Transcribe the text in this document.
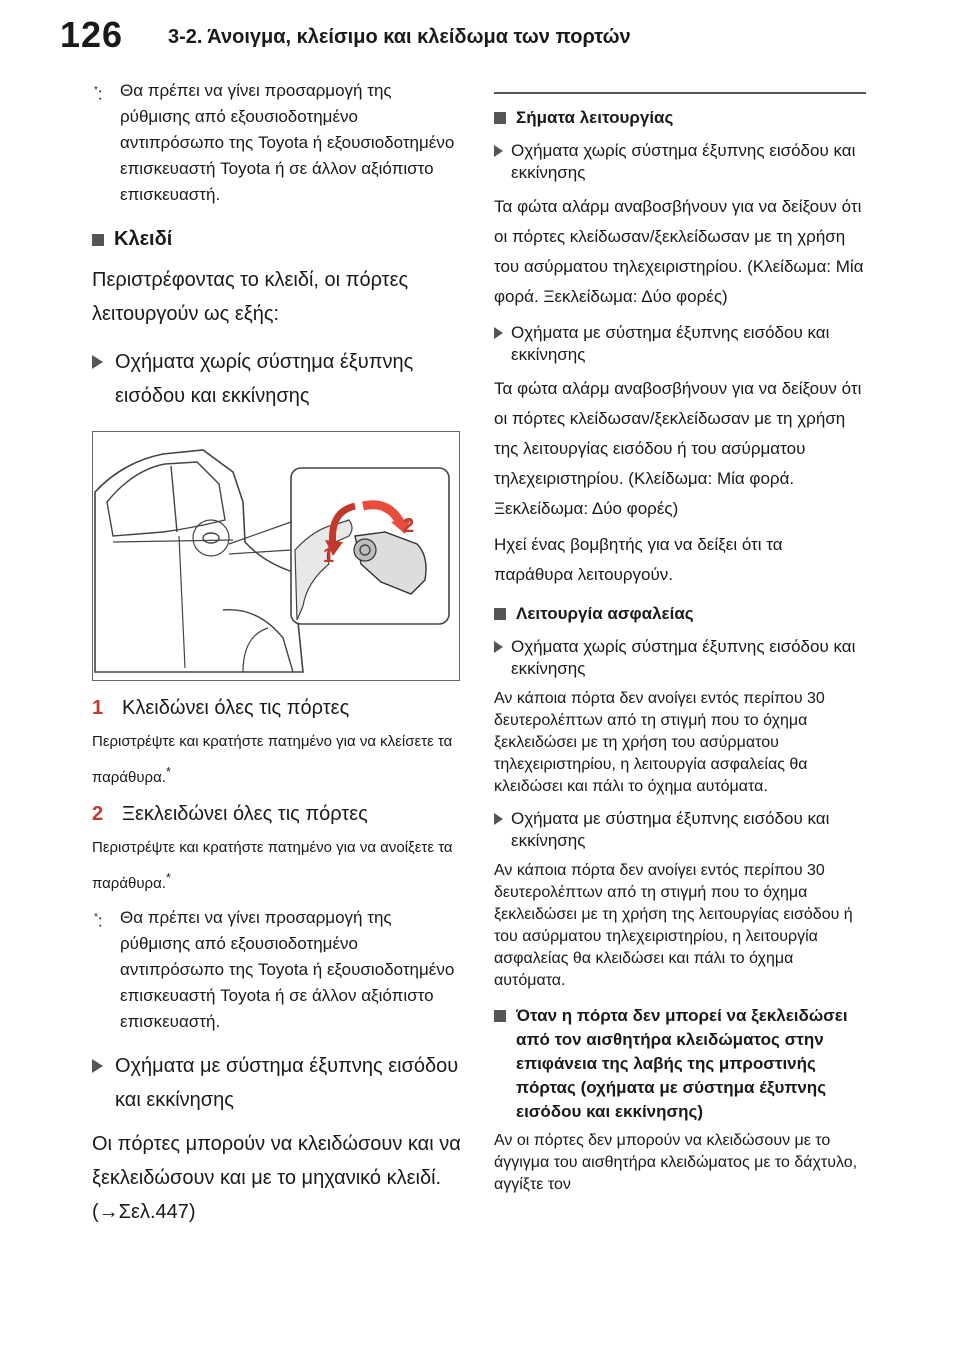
126 3-2. Άνοιγμα, κλείσιμο και κλείδωμα των πορτών
*: Θα πρέπει να γίνει προσαρμογή της ρύθμισης από εξουσιοδοτημένο αντιπρόσωπο της Toyota ή εξουσιοδοτημένο επισκευαστή Toyota ή σε άλλον αξιόπιστο επισκευαστή.
Κλειδί
Περιστρέφοντας το κλειδί, οι πόρτες λειτουργούν ως εξής:
Οχήματα χωρίς σύστημα έξυπνης εισόδου και εκκίνησης
1
2
1 Κλειδώνει όλες τις πόρτες
Περιστρέψτε και κρατήστε πατημένο για να κλείσετε τα παράθυρα.*
2 Ξεκλειδώνει όλες τις πόρτες
Περιστρέψτε και κρατήστε πατημένο για να ανοίξετε τα παράθυρα.*
*: Θα πρέπει να γίνει προσαρμογή της ρύθμισης από εξουσιοδοτημένο αντιπρόσωπο της Toyota ή εξουσιοδοτημένο επισκευαστή Toyota ή σε άλλον αξιόπιστο επισκευαστή.
Οχήματα με σύστημα έξυπνης εισόδου και εκκίνησης
Οι πόρτες μπορούν να κλειδώσουν και να ξεκλειδώσουν και με το μηχανικό κλειδί. (→Σελ.447)
Σήματα λειτουργίας
Οχήματα χωρίς σύστημα έξυπνης εισόδου και εκκίνησης
Τα φώτα αλάρμ αναβοσβήνουν για να δείξουν ότι οι πόρτες κλείδωσαν/ξεκλείδωσαν με τη χρήση του ασύρματου τηλεχειριστηρίου. (Κλείδωμα: Μία φορά. Ξεκλείδωμα: Δύο φορές)
Οχήματα με σύστημα έξυπνης εισόδου και εκκίνησης
Τα φώτα αλάρμ αναβοσβήνουν για να δείξουν ότι οι πόρτες κλείδωσαν/ξεκλείδωσαν με τη χρήση της λειτουργίας εισόδου ή του ασύρματου τηλεχειριστηρίου. (Κλείδωμα: Μία φορά. Ξεκλείδωμα: Δύο φορές)
Ηχεί ένας βομβητής για να δείξει ότι τα παράθυρα λειτουργούν.
Λειτουργία ασφαλείας
Οχήματα χωρίς σύστημα έξυπνης εισόδου και εκκίνησης
Αν κάποια πόρτα δεν ανοίγει εντός περίπου 30 δευτερολέπτων από τη στιγμή που το όχημα ξεκλειδώσει με τη χρήση του ασύρματου τηλεχειριστηρίου, η λειτουργία ασφαλείας θα κλειδώσει και πάλι το όχημα αυτόματα.
Οχήματα με σύστημα έξυπνης εισόδου και εκκίνησης
Αν κάποια πόρτα δεν ανοίγει εντός περίπου 30 δευτερολέπτων από τη στιγμή που το όχημα ξεκλειδώσει με τη χρήση της λειτουργίας εισόδου ή του ασύρματου τηλεχειριστηρίου, η λειτουργία ασφαλείας θα κλειδώσει και πάλι το όχημα αυτόματα.
Όταν η πόρτα δεν μπορεί να ξεκλειδώσει από τον αισθητήρα κλειδώματος στην επιφάνεια της λαβής της μπροστινής πόρτας (οχήματα με σύστημα έξυπνης εισόδου και εκκίνησης)
Αν οι πόρτες δεν μπορούν να κλειδώσουν με το άγγιγμα του αισθητήρα κλειδώματος με το δάχτυλο, αγγίξτε τον
